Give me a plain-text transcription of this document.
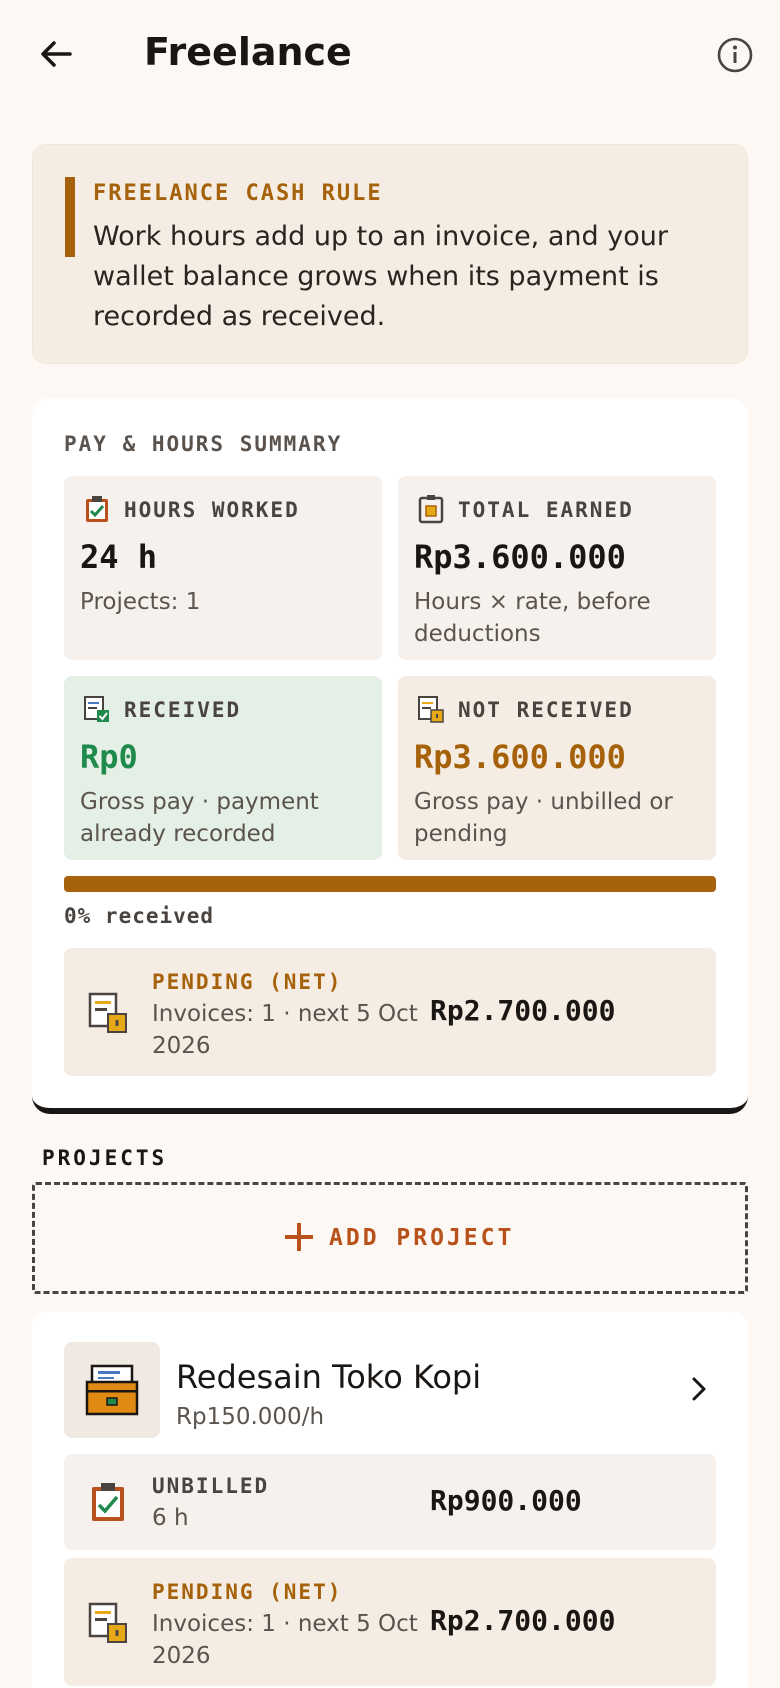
Freelance
FREELANCE CASH RULE
Work hours add up to an invoice, and your wallet balance grows when its payment is recorded as received.
PAY & HOURS SUMMARY
HOURS WORKED
24 h
Projects: 1
TOTAL EARNED
Rp3.600.000
Hours × rate, before deductions
RECEIVED
Rp0
Gross pay · payment already recorded
NOT RECEIVED
Rp3.600.000
Gross pay · unbilled or pending
0% received
PENDING (NET)
Invoices: 1 · next 5 Oct 2026
Rp2.700.000
PROJECTS
ADD PROJECT
Redesain Toko Kopi
Rp150.000/h
UNBILLED
6 h
Rp900.000
PENDING (NET)
Invoices: 1 · next 5 Oct 2026
Rp2.700.000
